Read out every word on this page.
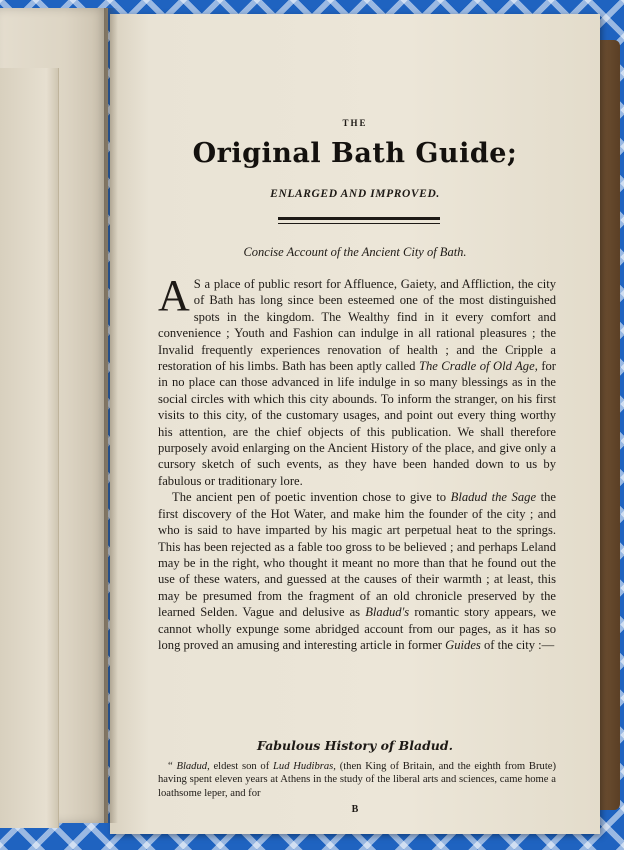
THE
Original Bath Guide;
ENLARGED AND IMPROVED.
Concise Account of the Ancient City of Bath.

A S a place of public resort for Affluence, Gaiety, and Affliction, the city of Bath has long since been esteemed one of the most distinguished spots in the kingdom. The Wealthy find in it every comfort and convenience ; Youth and Fashion can indulge in all rational pleasures ; the Invalid frequently experiences renovation of health ; and the Cripple a restoration of his limbs. Bath has been aptly called The Cradle of Old Age, for in no place can those advanced in life indulge in so many blessings as in the social circles with which this city abounds. To inform the stranger, on his first visits to this city, of the customary usages, and point out every thing worthy his attention, are the chief objects of this publication. We shall therefore purposely avoid enlarging on the Ancient History of the place, and give only a cursory sketch of such events, as they have been handed down to us by fabulous or traditionary lore.

The ancient pen of poetic invention chose to give to Bladud the Sage the first discovery of the Hot Water, and make him the founder of the city ; and who is said to have imparted by his magic art perpetual heat to the springs. This has been rejected as a fable too gross to be believed ; and perhaps Leland may be in the right, who thought it meant no more than that he found out the use of these waters, and guessed at the causes of their warmth ; at least, this may be presumed from the fragment of an old chronicle preserved by the learned Selden. Vague and delusive as Bladud's romantic story appears, we cannot wholly expunge some abridged account from our pages, as it has so long proved an amusing and interesting article in former Guides of the city :—

Fabulous History of Bladud.
“ Bladud, eldest son of Lud Hudibras, (then King of Britain, and the eighth from Brute) having spent eleven years at Athens in the study of the liberal arts and sciences, came home a loathsome leper, and for
B
